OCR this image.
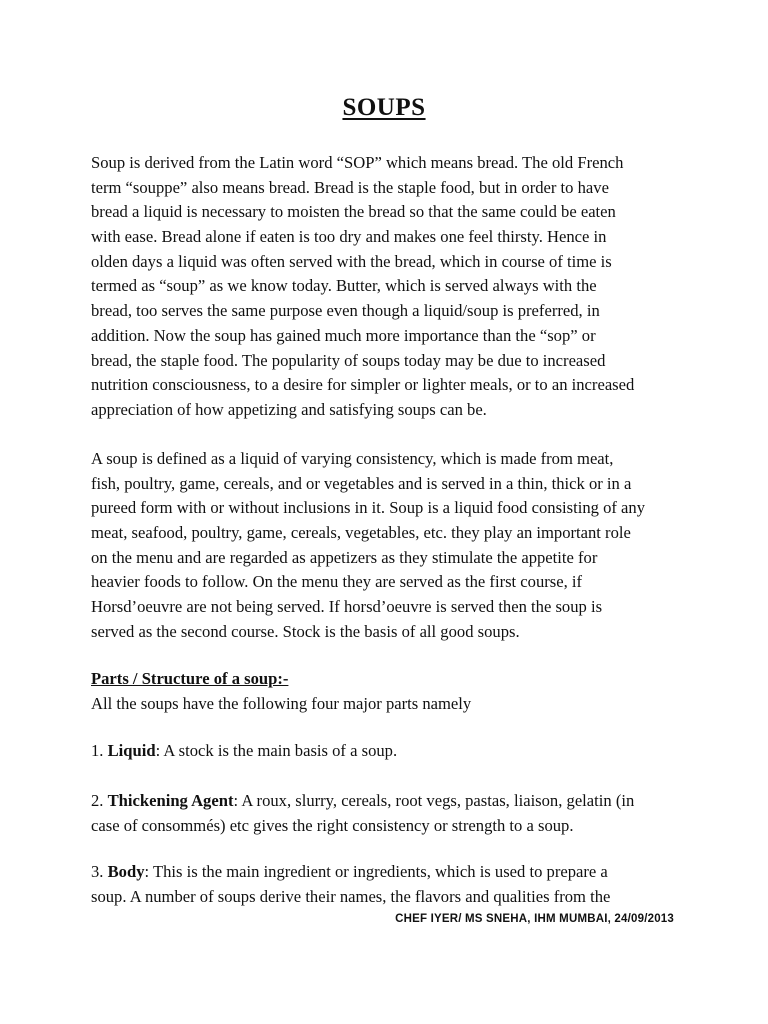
SOUPS
Soup is derived from the Latin word “SOP” which means bread. The old French
term “souppe” also means bread. Bread is the staple food, but in order to have
bread a liquid is necessary to moisten the bread so that the same could be eaten
with ease. Bread alone if eaten is too dry and makes one feel thirsty. Hence in
olden days a liquid was often served with the bread, which in course of time is
termed as “soup” as we know today. Butter, which is served always with the
bread, too serves the same purpose even though a liquid/soup is preferred, in
addition. Now the soup has gained much more importance than the “sop” or
bread, the staple food. The popularity of soups today may be due to increased
nutrition consciousness, to a desire for simpler or lighter meals, or to an increased
appreciation of how appetizing and satisfying soups can be.
A soup is defined as a liquid of varying consistency, which is made from meat,
fish, poultry, game, cereals, and or vegetables and is served in a thin, thick or in a
pureed form with or without inclusions in it. Soup is a liquid food consisting of any
meat, seafood, poultry, game, cereals, vegetables, etc. they play an important role
on the menu and are regarded as appetizers as they stimulate the appetite for
heavier foods to follow. On the menu they are served as the first course, if
Horsd’oeuvre are not being served. If horsd’oeuvre is served then the soup is
served as the second course. Stock is the basis of all good soups.
Parts / Structure of a soup:-
All the soups have the following four major parts namely
1. Liquid: A stock is the main basis of a soup.
2. Thickening Agent: A roux, slurry, cereals, root vegs, pastas, liaison, gelatin (in
case of consommés) etc gives the right consistency or strength to a soup.
3. Body: This is the main ingredient or ingredients, which is used to prepare a
soup. A number of soups derive their names, the flavors and qualities from the
CHEF IYER/ MS SNEHA, IHM MUMBAI, 24/09/2013
